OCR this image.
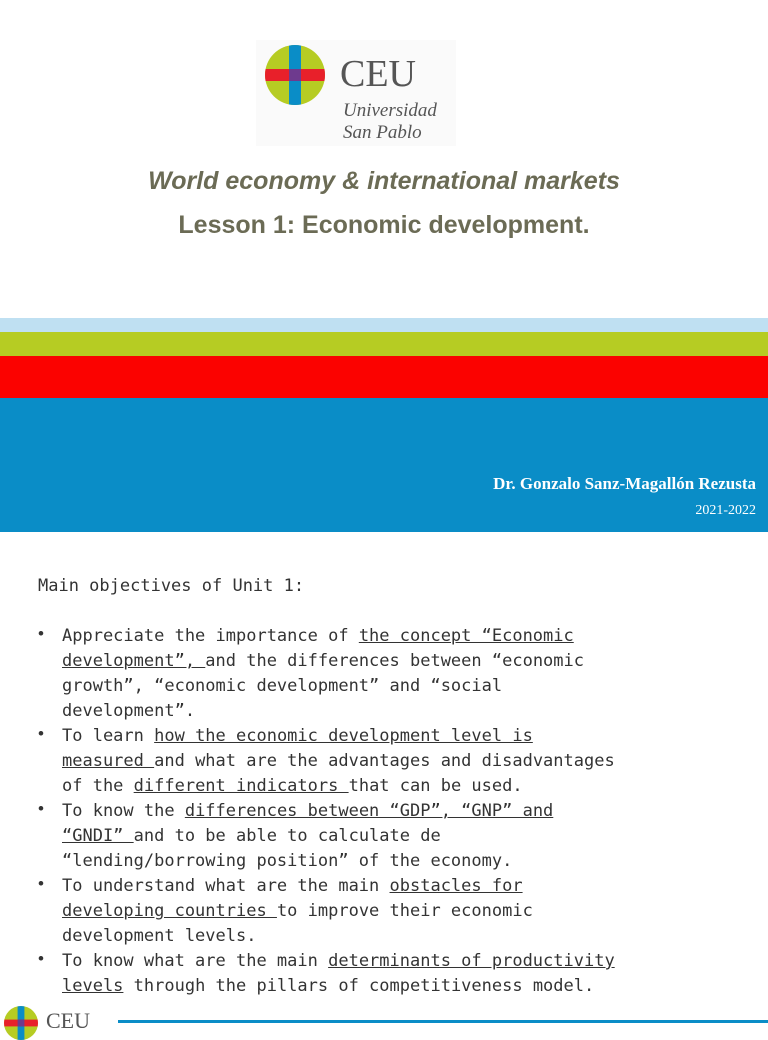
CEU
Universidad
San Pablo
World economy & international markets
Lesson 1: Economic development.
Dr. Gonzalo Sanz-Magallón Rezusta
2021-2022
Main objectives of Unit 1:
• Appreciate the importance of the concept “Economic
development”, and the differences between “economic
growth”, “economic development” and “social
development”.
• To learn how the economic development level is
measured and what are the advantages and disadvantages
of the different indicators that can be used.
• To know the differences between “GDP”, “GNP” and
“GNDI” and to be able to calculate de
“lending/borrowing position” of the economy.
• To understand what are the main obstacles for
developing countries to improve their economic
development levels.
• To know what are the main determinants of productivity
levels through the pillars of competitiveness model.
CEU
